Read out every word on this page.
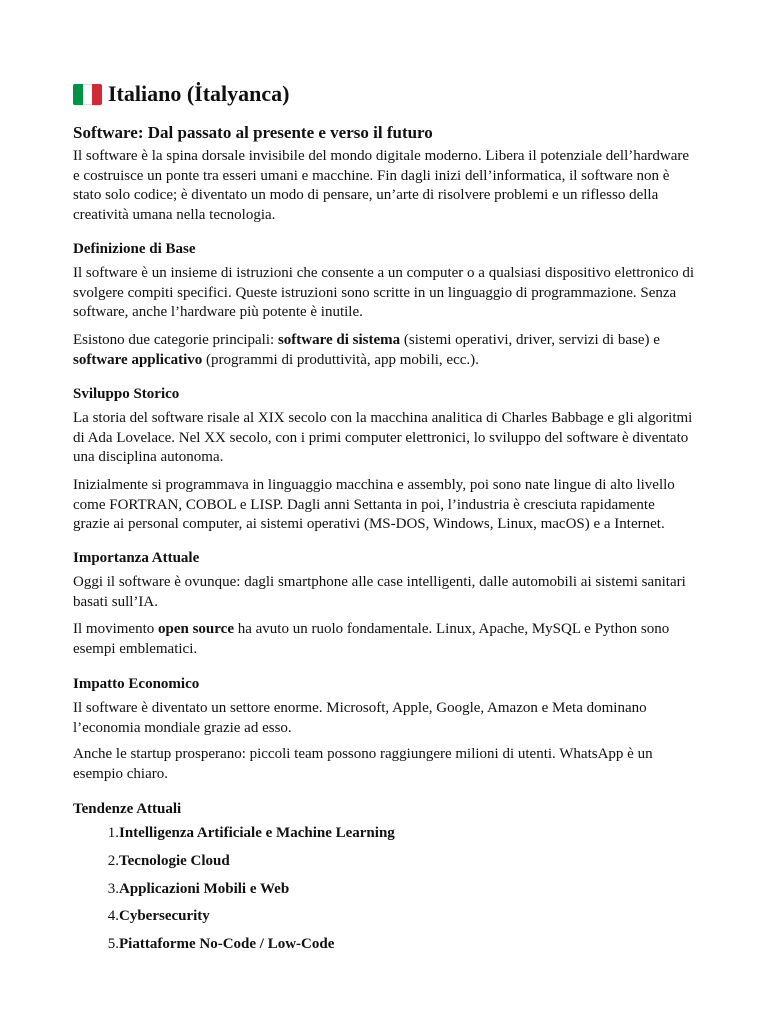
Italiano (İtalyanca)
Software: Dal passato al presente e verso il futuro

Il software è la spina dorsale invisibile del mondo digitale moderno. Libera il potenziale dell’hardware e costruisce un ponte tra esseri umani e macchine. Fin dagli inizi dell’informatica, il software non è stato solo codice; è diventato un modo di pensare, un’arte di risolvere problemi e un riflesso della creatività umana nella tecnologia.

Definizione di Base

Il software è un insieme di istruzioni che consente a un computer o a qualsiasi dispositivo elettronico di svolgere compiti specifici. Queste istruzioni sono scritte in un linguaggio di programmazione. Senza software, anche l’hardware più potente è inutile.

Esistono due categorie principali: software di sistema (sistemi operativi, driver, servizi di base) e software applicativo (programmi di produttività, app mobili, ecc.).

Sviluppo Storico

La storia del software risale al XIX secolo con la macchina analitica di Charles Babbage e gli algoritmi di Ada Lovelace. Nel XX secolo, con i primi computer elettronici, lo sviluppo del software è diventato una disciplina autonoma.

Inizialmente si programmava in linguaggio macchina e assembly, poi sono nate lingue di alto livello come FORTRAN, COBOL e LISP. Dagli anni Settanta in poi, l’industria è cresciuta rapidamente grazie ai personal computer, ai sistemi operativi (MS-DOS, Windows, Linux, macOS) e a Internet.

Importanza Attuale

Oggi il software è ovunque: dagli smartphone alle case intelligenti, dalle automobili ai sistemi sanitari basati sull’IA.

Il movimento open source ha avuto un ruolo fondamentale. Linux, Apache, MySQL e Python sono esempi emblematici.

Impatto Economico

Il software è diventato un settore enorme. Microsoft, Apple, Google, Amazon e Meta dominano l’economia mondiale grazie ad esso.

Anche le startup prosperano: piccoli team possono raggiungere milioni di utenti. WhatsApp è un esempio chiaro.

Tendenze Attuali
1. Intelligenza Artificiale e Machine Learning
2. Tecnologie Cloud
3. Applicazioni Mobili e Web
4. Cybersecurity
5. Piattaforme No-Code / Low-Code
